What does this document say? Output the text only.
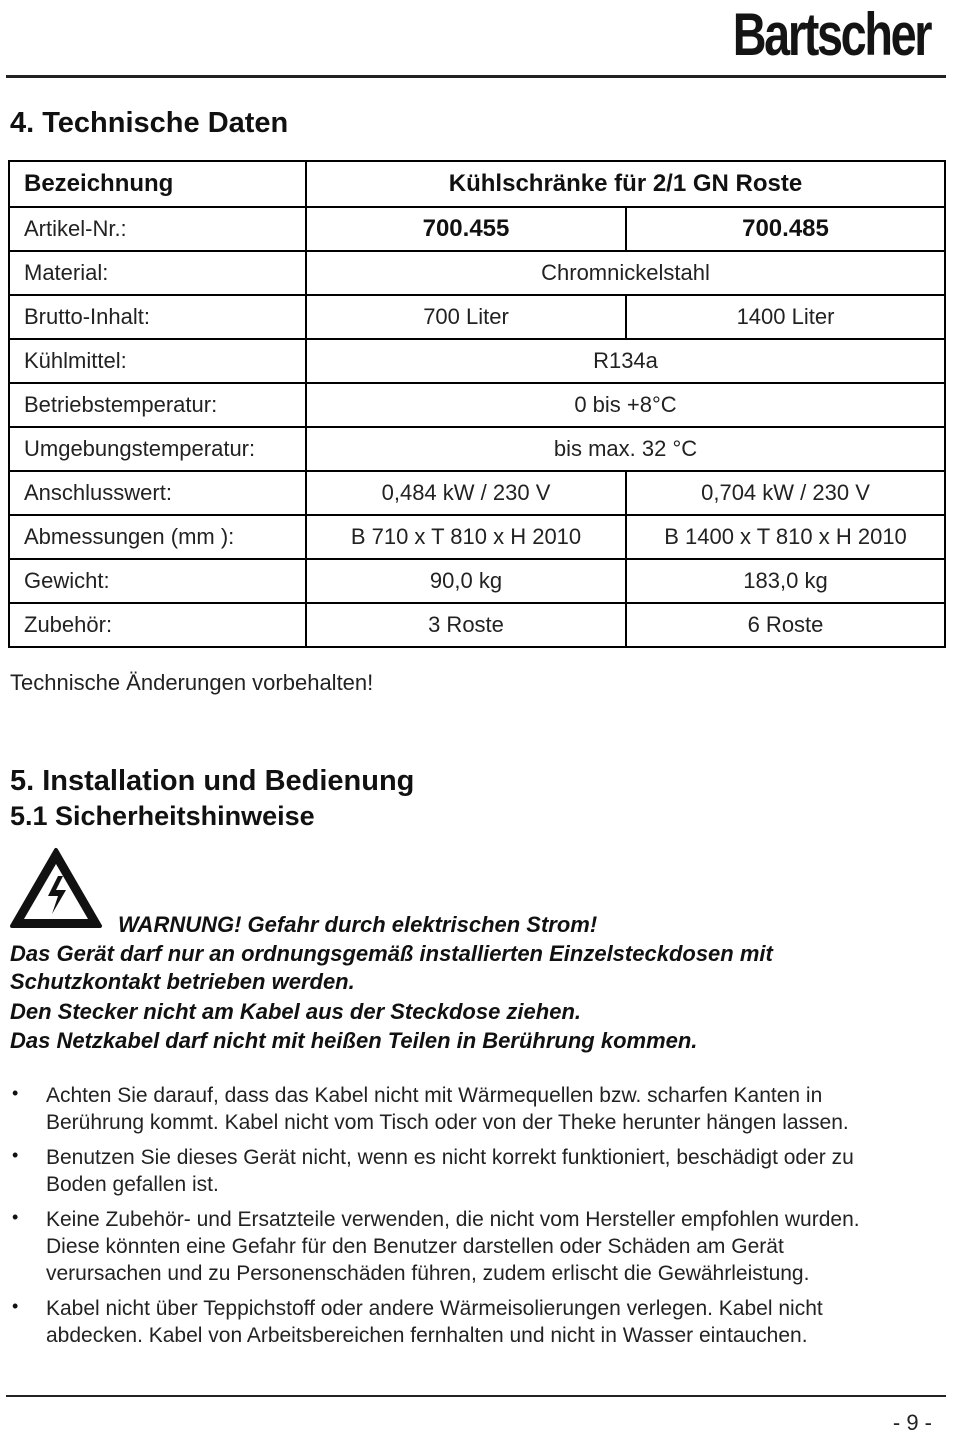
Bartscher
4. Technische Daten
Bezeichnung	Kühlschränke für 2/1 GN Roste	
Artikel-Nr.:	700.455	700.485
Material:	Chromnickelstahl	
Brutto-Inhalt:	700 Liter	1400 Liter
Kühlmittel:	R134a	
Betriebstemperatur:	0 bis +8°C	
Umgebungstemperatur:	bis max. 32 °C	
Anschlusswert:	0,484 kW / 230 V	0,704 kW / 230 V
Abmessungen (mm ):	B 710 x T 810 x H 2010	B 1400 x T 810 x H 2010
Gewicht:	90,0 kg	183,0 kg
Zubehör:	3 Roste	6 Roste
Technische Änderungen vorbehalten!
5. Installation und Bedienung
5.1 Sicherheitshinweise
WARNUNG! Gefahr durch elektrischen Strom!
Das Gerät darf nur an ordnungsgemäß installierten Einzelsteckdosen mit
Schutzkontakt betrieben werden.
Den Stecker nicht am Kabel aus der Steckdose ziehen.
Das Netzkabel darf nicht mit heißen Teilen in Berührung kommen.
• Achten Sie darauf, dass das Kabel nicht mit Wärmequellen bzw. scharfen Kanten in
Berührung kommt. Kabel nicht vom Tisch oder von der Theke herunter hängen lassen.
• Benutzen Sie dieses Gerät nicht, wenn es nicht korrekt funktioniert, beschädigt oder zu
Boden gefallen ist.
• Keine Zubehör- und Ersatzteile verwenden, die nicht vom Hersteller empfohlen wurden.
Diese könnten eine Gefahr für den Benutzer darstellen oder Schäden am Gerät
verursachen und zu Personenschäden führen, zudem erlischt die Gewährleistung.
• Kabel nicht über Teppichstoff oder andere Wärmeisolierungen verlegen. Kabel nicht
abdecken. Kabel von Arbeitsbereichen fernhalten und nicht in Wasser eintauchen.
- 9 -
